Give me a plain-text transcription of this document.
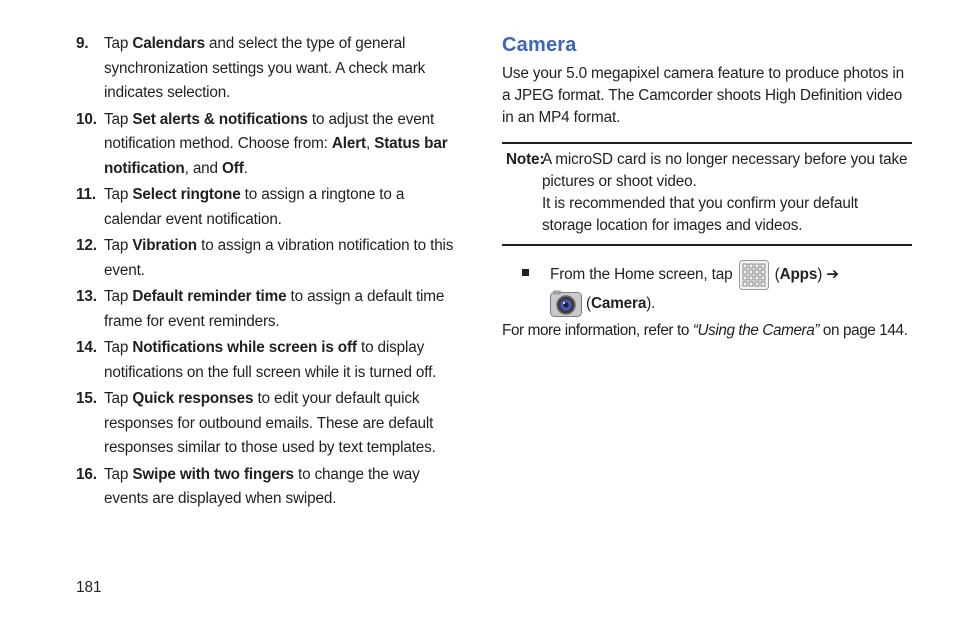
9. Tap Calendars and select the type of general synchronization settings you want. A check mark indicates selection.
10. Tap Set alerts & notifications to adjust the event notification method. Choose from: Alert, Status bar notification, and Off.
11. Tap Select ringtone to assign a ringtone to a calendar event notification.
12. Tap Vibration to assign a vibration notification to this event.
13. Tap Default reminder time to assign a default time frame for event reminders.
14. Tap Notifications while screen is off to display notifications on the full screen while it is turned off.
15. Tap Quick responses to edit your default quick responses for outbound emails. These are default responses similar to those used by text templates.
16. Tap Swipe with two fingers to change the way events are displayed when swiped.
Camera
Use your 5.0 megapixel camera feature to produce photos in a JPEG format. The Camcorder shoots High Definition video in an MP4 format.
Note:
A microSD card is no longer necessary before you take pictures or shoot video.
It is recommended that you confirm your default storage location for images and videos.
From the Home screen, tap  (Apps) ➔
(Camera).
For more information, refer to “Using the Camera” on page 144.
181
